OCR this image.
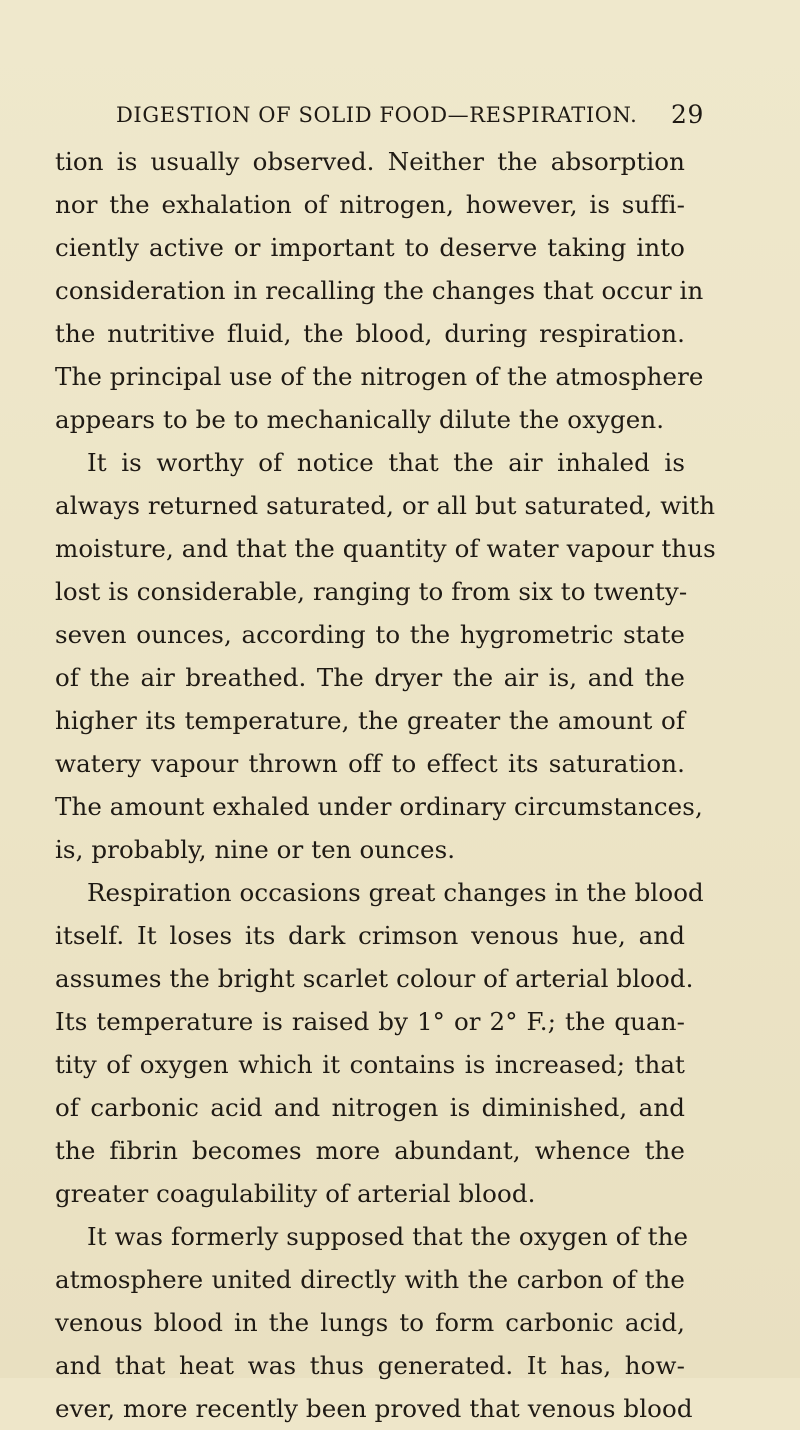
DIGESTION OF SOLID FOOD—RESPIRATION. 29
tion is usually observed. Neither the absorption
nor the exhalation of nitrogen, however, is suffi-
ciently active or important to deserve taking into
consideration in recalling the changes that occur in
the nutritive fluid, the blood, during respiration.
The principal use of the nitrogen of the atmosphere
appears to be to mechanically dilute the oxygen.
It is worthy of notice that the air inhaled is
always returned saturated, or all but saturated, with
moisture, and that the quantity of water vapour thus
lost is considerable, ranging to from six to twenty-
seven ounces, according to the hygrometric state
of the air breathed. The dryer the air is, and the
higher its temperature, the greater the amount of
watery vapour thrown off to effect its saturation.
The amount exhaled under ordinary circumstances,
is, probably, nine or ten ounces.
Respiration occasions great changes in the blood
itself. It loses its dark crimson venous hue, and
assumes the bright scarlet colour of arterial blood.
Its temperature is raised by 1° or 2° F.; the quan-
tity of oxygen which it contains is increased; that
of carbonic acid and nitrogen is diminished, and
the fibrin becomes more abundant, whence the
greater coagulability of arterial blood.
It was formerly supposed that the oxygen of the
atmosphere united directly with the carbon of the
venous blood in the lungs to form carbonic acid,
and that heat was thus generated. It has, how-
ever, more recently been proved that venous blood
